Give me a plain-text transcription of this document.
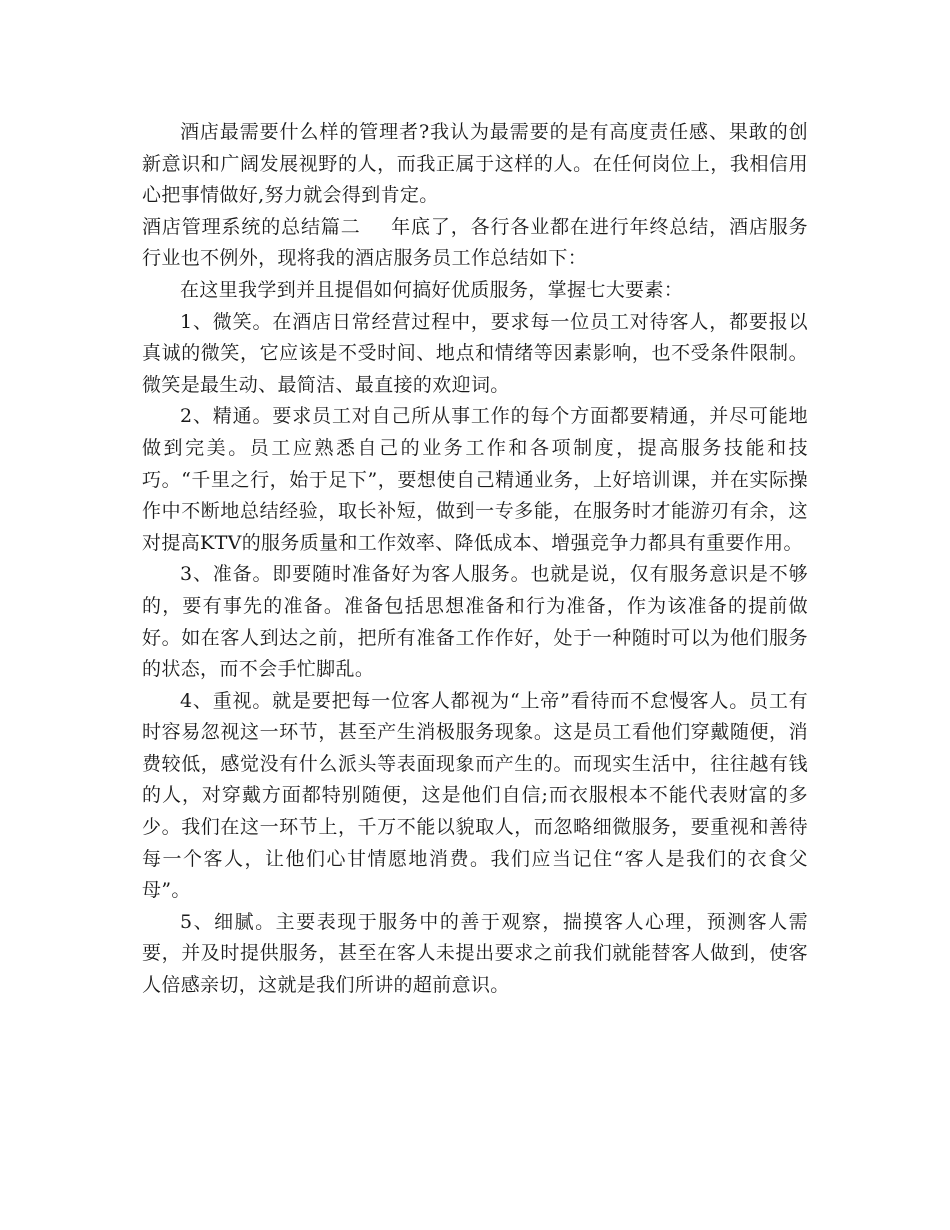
酒店最需要什么样的管理者?我认为最需要的是有高度责任感、果敢的创新意识和广阔发展视野的人，而我正属于这样的人。在任何岗位上，我相信用心把事情做好,努力就会得到肯定。

酒店管理系统的总结篇二 年底了，各行各业都在进行年终总结，酒店服务行业也不例外，现将我的酒店服务员工作总结如下：

在这里我学到并且提倡如何搞好优质服务，掌握七大要素：

1、微笑。在酒店日常经营过程中，要求每一位员工对待客人，都要报以真诚的微笑，它应该是不受时间、地点和情绪等因素影响，也不受条件限制。微笑是最生动、最简洁、最直接的欢迎词。

2、精通。要求员工对自己所从事工作的每个方面都要精通，并尽可能地做到完美。员工应熟悉自己的业务工作和各项制度，提高服务技能和技巧。“千里之行，始于足下”，要想使自己精通业务，上好培训课，并在实际操作中不断地总结经验，取长补短，做到一专多能，在服务时才能游刃有余，这对提高KTV的服务质量和工作效率、降低成本、增强竞争力都具有重要作用。

3、准备。即要随时准备好为客人服务。也就是说，仅有服务意识是不够的，要有事先的准备。准备包括思想准备和行为准备，作为该准备的提前做好。如在客人到达之前，把所有准备工作作好，处于一种随时可以为他们服务的状态，而不会手忙脚乱。

4、重视。就是要把每一位客人都视为“上帝”看待而不怠慢客人。员工有时容易忽视这一环节，甚至产生消极服务现象。这是员工看他们穿戴随便，消费较低，感觉没有什么派头等表面现象而产生的。而现实生活中，往往越有钱的人，对穿戴方面都特别随便，这是他们自信;而衣服根本不能代表财富的多少。我们在这一环节上，千万不能以貌取人，而忽略细微服务，要重视和善待每一个客人，让他们心甘情愿地消费。我们应当记住“客人是我们的衣食父母”。

5、细腻。主要表现于服务中的善于观察，揣摸客人心理，预测客人需要，并及时提供服务，甚至在客人未提出要求之前我们就能替客人做到，使客人倍感亲切，这就是我们所讲的超前意识。
